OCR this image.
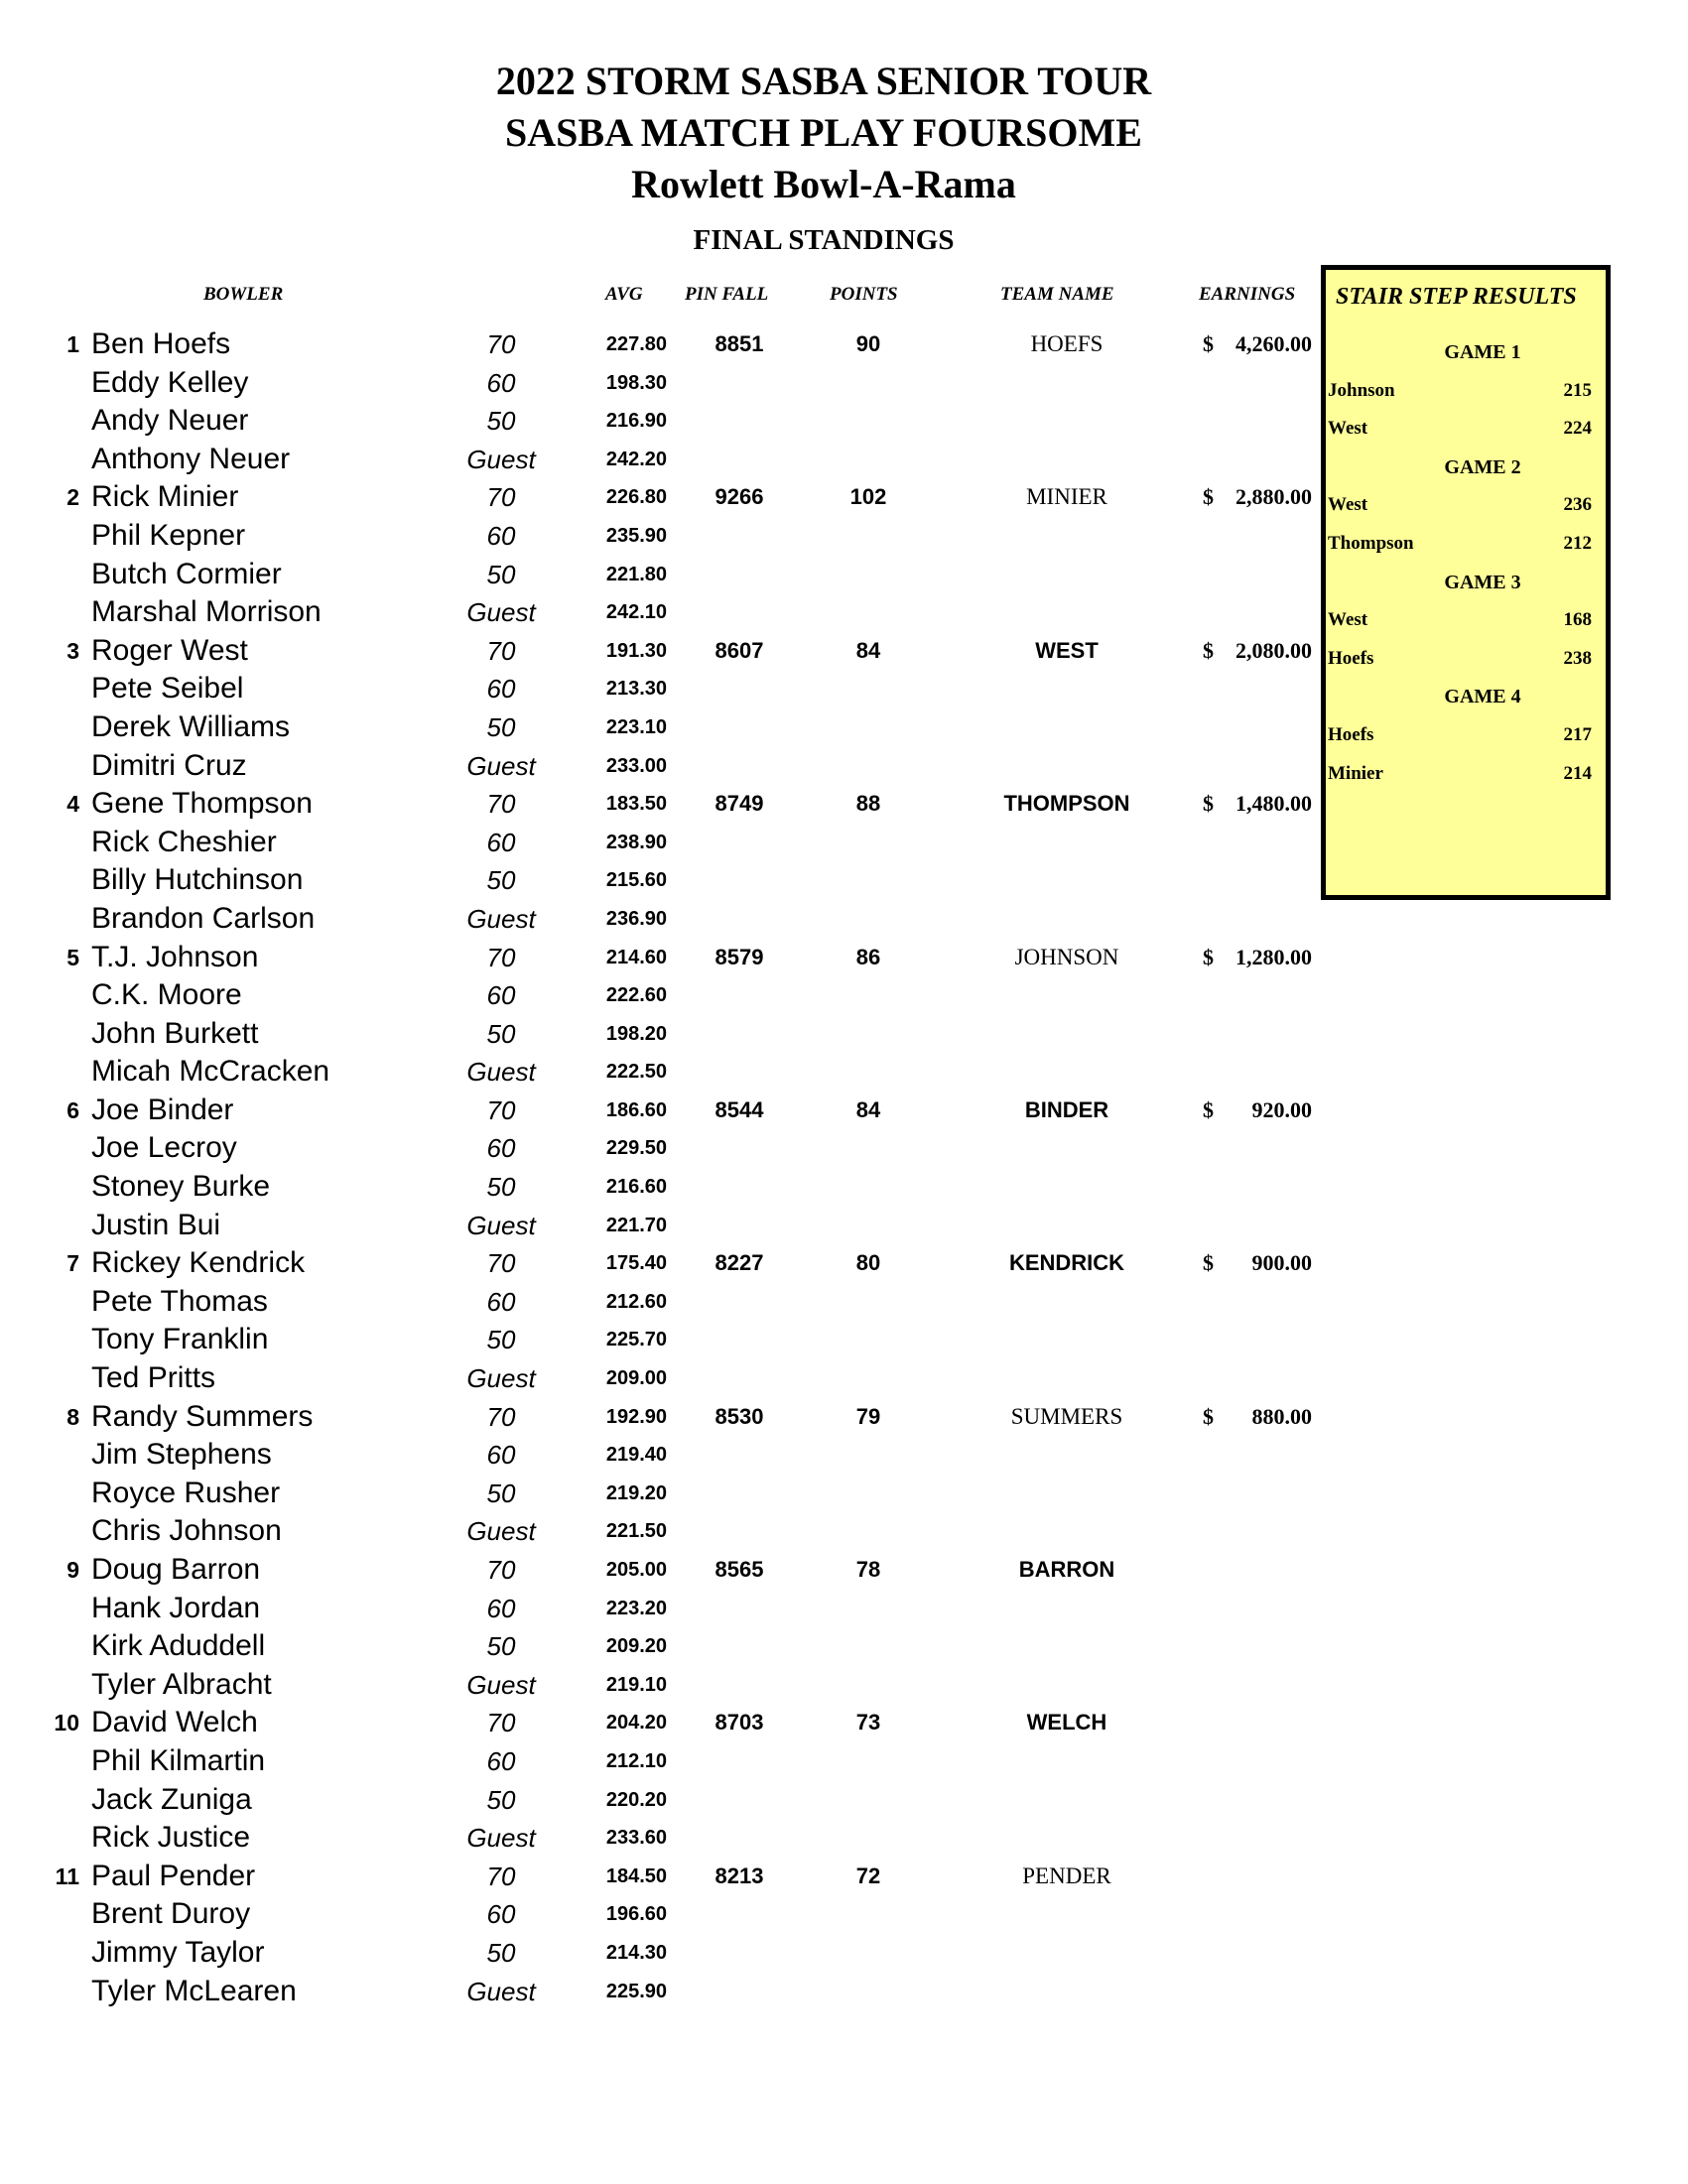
2022 STORM SASBA SENIOR TOUR
SASBA MATCH PLAY FOURSOME
Rowlett Bowl-A-Rama
FINAL STANDINGS
BOWLER	AVG PIN FALL	POINTS	TEAM NAME	EARNINGS
1 Ben Hoefs	70	227.80	8851	90	HOEFS	$	4,260.00
Eddy Kelley	60	198.30
Andy Neuer	50	216.90
Anthony Neuer	Guest	242.20
2 Rick Minier	70	226.80	9266	102	MINIER	$	2,880.00
Phil Kepner	60	235.90
Butch Cormier	50	221.80
Marshal Morrison	Guest	242.10
3 Roger West	70	191.30	8607	84	WEST	$	2,080.00
Pete Seibel	60	213.30
Derek Williams	50	223.10
Dimitri Cruz	Guest	233.00
4 Gene Thompson	70	183.50	8749	88	THOMPSON	$	1,480.00
Rick Cheshier	60	238.90
Billy Hutchinson	50	215.60
Brandon Carlson	Guest	236.90
5 T.J. Johnson	70	214.60	8579	86	JOHNSON	$	1,280.00
C.K. Moore	60	222.60
John Burkett	50	198.20
Micah McCracken	Guest	222.50
6 Joe Binder	70	186.60	8544	84	BINDER	$	920.00
Joe Lecroy	60	229.50
Stoney Burke	50	216.60
Justin Bui	Guest	221.70
7 Rickey Kendrick	70	175.40	8227	80	KENDRICK	$	900.00
Pete Thomas	60	212.60
Tony Franklin	50	225.70
Ted Pritts	Guest	209.00
8 Randy Summers	70	192.90	8530	79	SUMMERS	$	880.00
Jim Stephens	60	219.40
Royce Rusher	50	219.20
Chris Johnson	Guest	221.50
9 Doug Barron	70	205.00	8565	78	BARRON
Hank Jordan	60	223.20
Kirk Aduddell	50	209.20
Tyler Albracht	Guest	219.10
10 David Welch	70	204.20	8703	73	WELCH
Phil Kilmartin	60	212.10
Jack Zuniga	50	220.20
Rick Justice	Guest	233.60
11 Paul Pender	70	184.50	8213	72	PENDER
Brent Duroy	60	196.60
Jimmy Taylor	50	214.30
Tyler McLearen	Guest	225.90
STAIR STEP RESULTS
GAME 1
Johnson	215
West	224
GAME 2
West	236
Thompson	212
GAME 3
West	168
Hoefs	238
GAME 4
Hoefs	217
Minier	214
